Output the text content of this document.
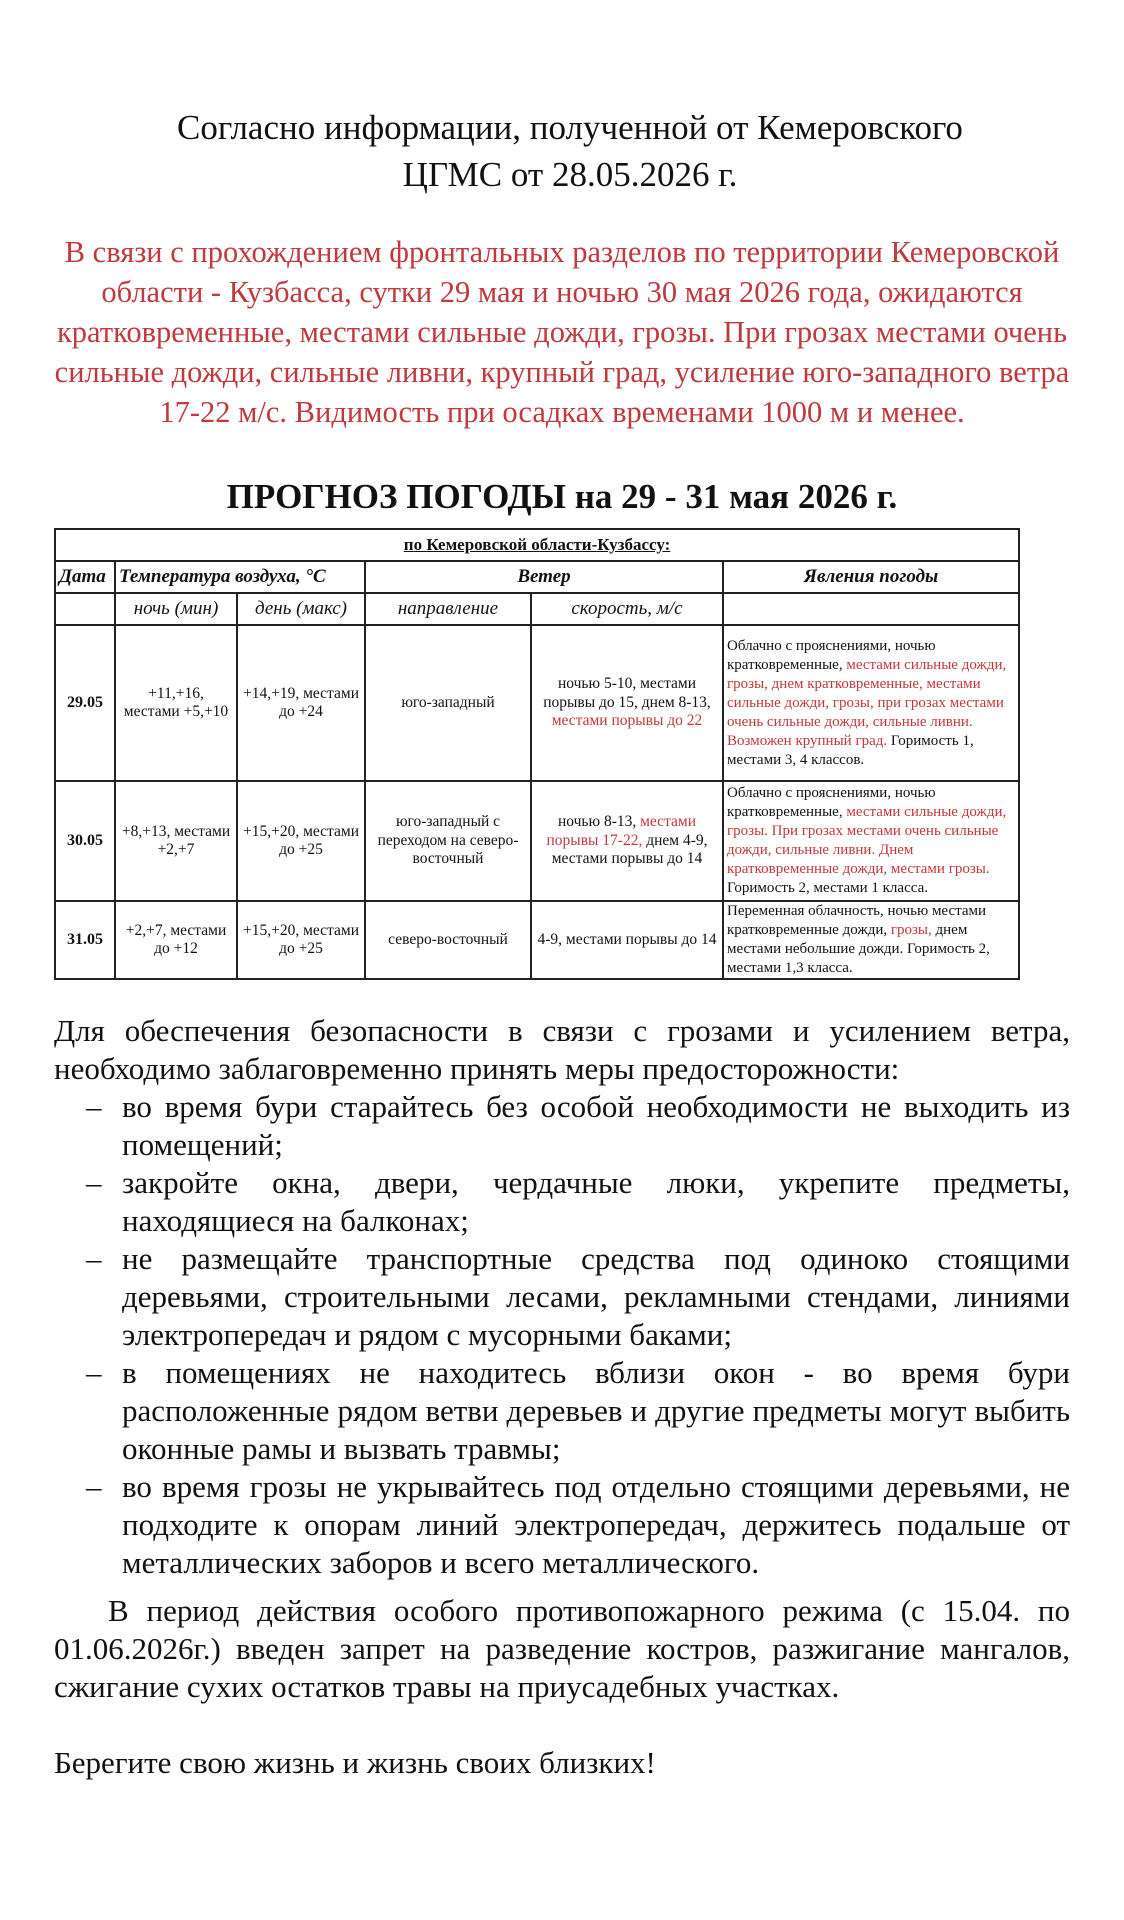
Согласно информации, полученной от Кемеровского
ЦГМС от 28.05.2026 г.
В связи с прохождением фронтальных разделов по территории Кемеровской области - Кузбасса, сутки 29 мая и ночью 30 мая 2026 года, ожидаются кратковременные, местами сильные дожди, грозы. При грозах местами очень сильные дожди, сильные ливни, крупный град, усиление юго-западного ветра 17-22 м/с. Видимость при осадках временами 1000 м и менее.
ПРОГНОЗ ПОГОДЫ на 29 - 31 мая 2026 г.
по Кемеровской области-Кузбассу:					
Дата	Температура воздуха, °С		Ветер		Явления погоды
	ночь (мин)	день (макс)	направление	скорость, м/с	
29.05	+11,+16, местами +5,+10	+14,+19, местами до +24	юго-западный	ночью 5-10, местами порывы до 15, днем 8-13, местами порывы до 22	Облачно с прояснениями, ночью кратковременные, местами сильные дожди, грозы, днем кратковременные, местами сильные дожди, грозы, при грозах местами очень сильные дожди, сильные ливни. Возможен крупный град. Горимость 1, местами 3, 4 классов.
30.05	+8,+13, местами +2,+7	+15,+20, местами до +25	юго-западный с переходом на северо-восточный	ночью 8-13, местами порывы 17-22, днем 4-9, местами порывы до 14	Облачно с прояснениями, ночью кратковременные, местами сильные дожди, грозы. При грозах местами очень сильные дожди, сильные ливни. Днем кратковременные дожди, местами грозы. Горимость 2, местами 1 класса.
31.05	+2,+7, местами до +12	+15,+20, местами до +25	северо-восточный	4-9, местами порывы до 14	Переменная облачность, ночью местами кратковременные дожди, грозы, днем местами небольшие дожди. Горимость 2, местами 1,3 класса.

Для обеспечения безопасности в связи с грозами и усилением ветра, необходимо заблаговременно принять меры предосторожности:

– во время бури старайтесь без особой необходимости не выходить из помещений;

– закройте окна, двери, чердачные люки, укрепите предметы, находящиеся на балконах;

– не размещайте транспортные средства под одиноко стоящими деревьями, строительными лесами, рекламными стендами, линиями электропередач и рядом с мусорными баками;

– в помещениях не находитесь вблизи окон - во время бури расположенные рядом ветви деревьев и другие предметы могут выбить оконные рамы и вызвать травмы;

– во время грозы не укрывайтесь под отдельно стоящими деревьями, не подходите к опорам линий электропередач, держитесь подальше от металлических заборов и всего металлического.

В период действия особого противопожарного режима (с 15.04. по 01.06.2026г.) введен запрет на разведение костров, разжигание мангалов, сжигание сухих остатков травы на приусадебных участках.

Берегите свою жизнь и жизнь своих близких!
